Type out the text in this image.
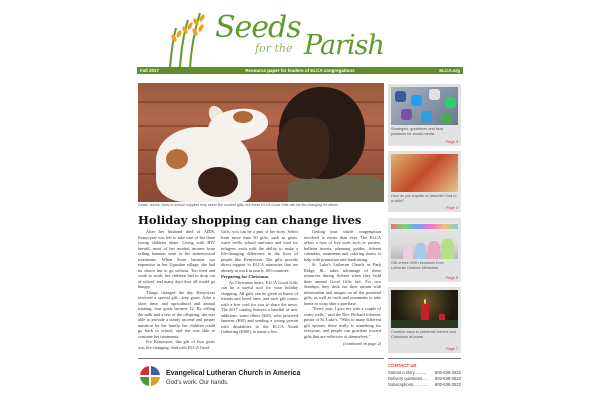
Seeds
for the Parish
Fall 2017	Resource paper for leaders of ELCA congregations	ELCA.org
Goats, chicks, bees or school supplies may seem like modest gifts, but these ELCA Good Gifts can be life-changing for others.
Holiday shopping can change lives

After her husband died of AIDS, Kenyoyezi was left to take care of her three young children alone. Living with HIV herself, most of her modest income from selling bananas went to her antiretroviral treatments. When those became too expensive in her Ugandan village, she had no choice but to go without. Too tired and weak to work, her children had to drop out of school, and many days they all would go hungry.

Things changed the day Kenyoyezi received a special gift—four goats. After a short time, and agricultural and animal training, four goats became 12. By selling the milk and a few of the offspring, she was able to provide a steady income and proper nutrition for her family, her children could go back to school, and she was able to continue her treatments.

For Kenyoyezi, this gift of four goats was life-changing. And with ELCA Good

Gifts, you can be a part of her story. Select from more than 50 gifts, such as goats, water wells, school uniforms and food for refugees, each with the ability to make a life-changing difference in the lives of people like Kenyoyezi. The gifts provide direct support to ELCA ministries that are already at work in nearly 100 countries.

Preparing for Christmas

As Christmas nears, ELCA Good Gifts can be a useful tool for your holiday shopping. All gifts can be given in honor of friends and loved ones, and each gift comes with a free card for you to share the news. The 2017 catalog features a handful of new additions: water filters ($30), solar powered lanterns ($30) and sending a young person with disabilities to the ELCA Youth Gathering ($300), to name a few.

Getting your whole congregation involved is easier than ever. The ELCA offers a host of free tools such as posters, bulletin inserts, planning guides, Advent calendars, ornaments and coloring sheets to help with promotion and fundraising.

St. Luke's Lutheran Church in Park Ridge, Ill., takes advantage of these resources during Advent when they hold their annual Good Gifts fair. For two Sundays, they deck out their atrium with information and images on all the potential gifts, as well as cards and ornaments to take home to wrap after a purchase.

"Every year, I give my wife a couple of water wells," said the Rev. Richard Johnson, pastor of St. Luke's. "With so many different gift options, there really is something for everyone, and people can gravitate toward gifts that are reflective of themselves."

(continued on page 2)
Strategies, guidelines and best practices for social media.
Page 3
How do you explain or describe God to a child?
Page 4
Gift of free VBS resources from Lutheran Outdoor Ministries.
Page 5
Creative ways to celebrate Advent and Christmas at home.
Page 7
Evangelical Lutheran Church in America
God's work. Our hands.
CONTACT US
Submit a story.......... 800-638-3522
Delivery questions.... 800-638-3522
Subscriptions............. 800-638-3522
